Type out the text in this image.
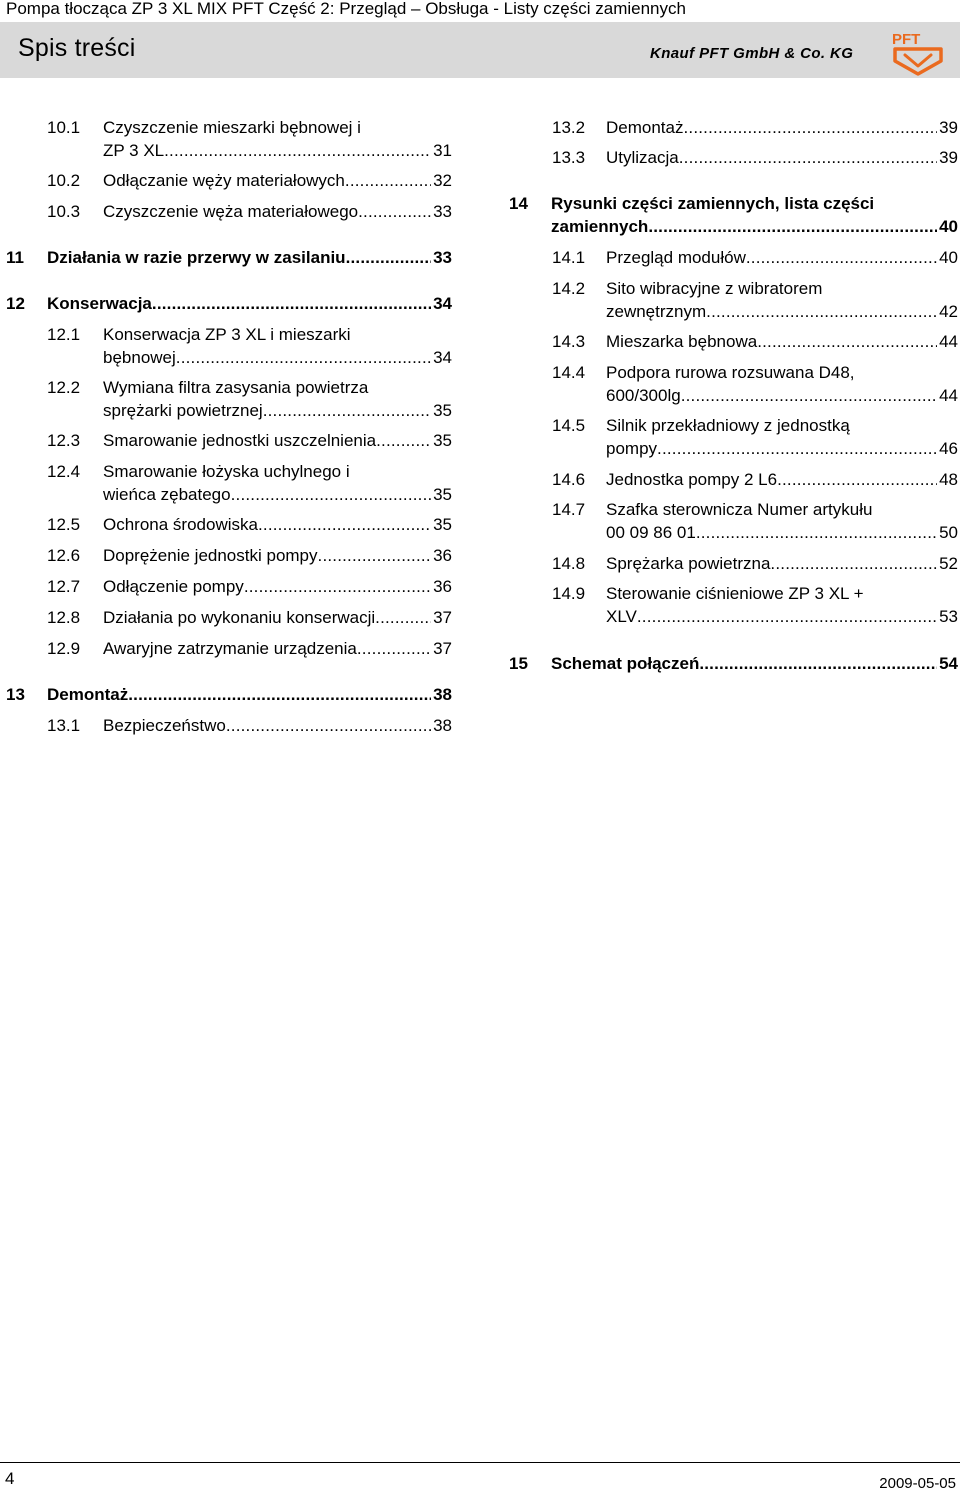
Pompa tłocząca ZP 3 XL MIX PFT Część 2: Przegląd – Obsługa - Listy części zamiennych
Spis treści	Knauf PFT GmbH & Co. KG
PFT
10.1 Czyszczenie mieszarki bębnowej i
ZP 3 XL .....	31
10.2 Odłączanie węży materiałowych .....	32
10.3 Czyszczenie węża materiałowego .....	33
11 Działania w razie przerwy w zasilaniu .....	33
12 Konserwacja .....	34
12.1 Konserwacja ZP 3 XL i mieszarki
bębnowej .....	34
12.2 Wymiana filtra zasysania powietrza
sprężarki powietrznej .....	35
12.3 Smarowanie jednostki uszczelnienia .....	35
12.4 Smarowanie łożyska uchylnego i
wieńca zębatego .....	35
12.5 Ochrona środowiska .....	35
12.6 Doprężenie jednostki pompy .....	36
12.7 Odłączenie pompy .....	36
12.8 Działania po wykonaniu konserwacji .....	37
12.9 Awaryjne zatrzymanie urządzenia .....	37
13 Demontaż .....	38
13.1 Bezpieczeństwo .....	38
13.2 Demontaż .....	39
13.3 Utylizacja .....	39
14 Rysunki części zamiennych, lista części
zamiennych .....	40
14.1 Przegląd modułów .....	40
14.2 Sito wibracyjne z wibratorem
zewnętrznym .....	42
14.3 Mieszarka bębnowa .....	44
14.4 Podpora rurowa rozsuwana D48,
600/300lg .....	44
14.5 Silnik przekładniowy z jednostką
pompy .....	46
14.6 Jednostka pompy 2 L6 .....	48
14.7 Szafka sterownicza Numer artykułu
00 09 86 01 .....	50
14.8 Sprężarka powietrzna .....	52
14.9 Sterowanie ciśnieniowe ZP 3 XL +
XLV .....	53
15 Schemat połączeń .....	54
4	2009-05-05
